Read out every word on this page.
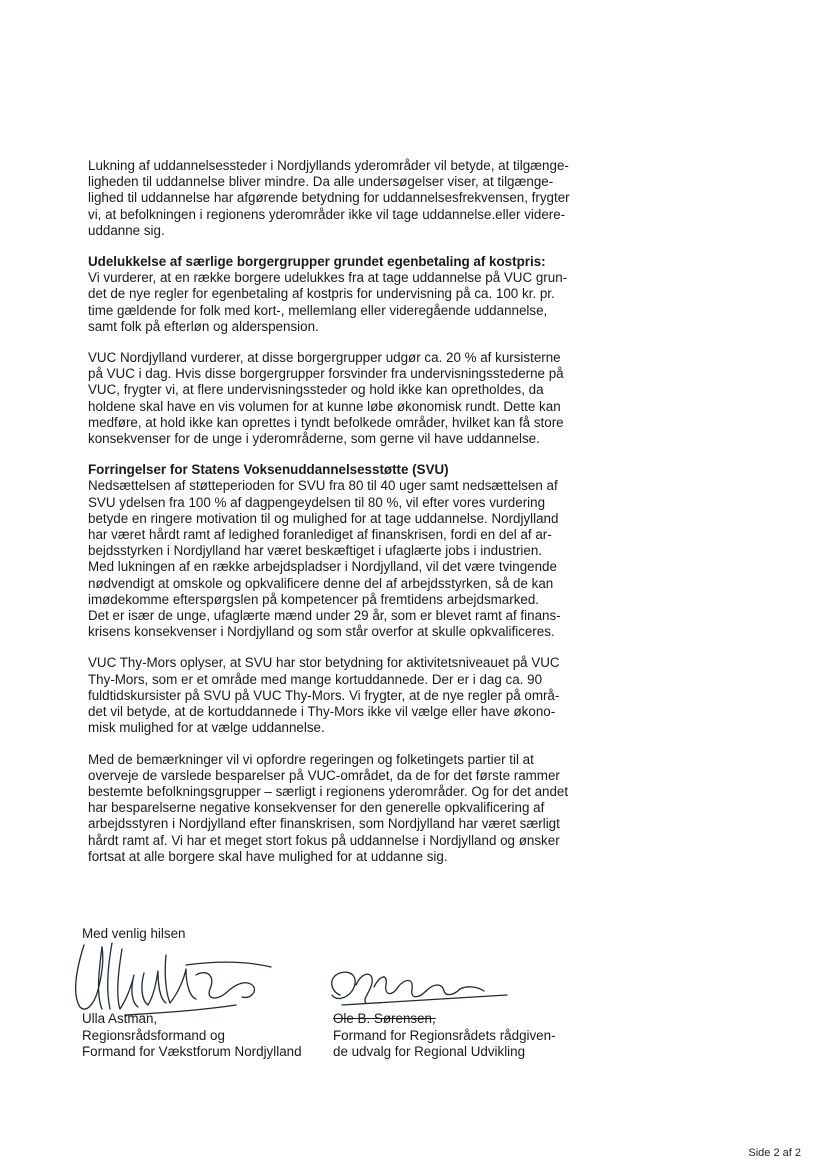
Lukning af uddannelsessteder i Nordjyllands yderområder vil betyde, at tilgænge-
ligheden til uddannelse bliver mindre. Da alle undersøgelser viser, at tilgænge-
lighed til uddannelse har afgørende betydning for uddannelsesfrekvensen, frygter
vi, at befolkningen i regionens yderområder ikke vil tage uddannelse.eller videre-
uddanne sig.

Udelukkelse af særlige borgergrupper grundet egenbetaling af kostpris:

Vi vurderer, at en række borgere udelukkes fra at tage uddannelse på VUC grun-
det de nye regler for egenbetaling af kostpris for undervisning på ca. 100 kr. pr.
time gældende for folk med kort-, mellemlang eller videregående uddannelse,
samt folk på efterløn og alderspension.

VUC Nordjylland vurderer, at disse borgergrupper udgør ca. 20 % af kursisterne
på VUC i dag. Hvis disse borgergrupper forsvinder fra undervisningsstederne på
VUC, frygter vi, at flere undervisningssteder og hold ikke kan opretholdes, da
holdene skal have en vis volumen for at kunne løbe økonomisk rundt. Dette kan
medføre, at hold ikke kan oprettes i tyndt befolkede områder, hvilket kan få store
konsekvenser for de unge i yderområderne, som gerne vil have uddannelse.

Forringelser for Statens Voksenuddannelsesstøtte (SVU)

Nedsættelsen af støtteperioden for SVU fra 80 til 40 uger samt nedsættelsen af
SVU ydelsen fra 100 % af dagpengeydelsen til 80 %, vil efter vores vurdering
betyde en ringere motivation til og mulighed for at tage uddannelse. Nordjylland
har været hårdt ramt af ledighed foranlediget af finanskrisen, fordi en del af ar-
bejdsstyrken i Nordjylland har været beskæftiget i ufaglærte jobs i industrien.
Med lukningen af en række arbejdspladser i Nordjylland, vil det være tvingende
nødvendigt at omskole og opkvalificere denne del af arbejdsstyrken, så de kan
imødekomme efterspørgslen på kompetencer på fremtidens arbejdsmarked.
Det er især de unge, ufaglærte mænd under 29 år, som er blevet ramt af finans-
krisens konsekvenser i Nordjylland og som står overfor at skulle opkvalificeres.

VUC Thy-Mors oplyser, at SVU har stor betydning for aktivitetsniveauet på VUC
Thy-Mors, som er et område med mange kortuddannede. Der er i dag ca. 90
fuldtidskursister på SVU på VUC Thy-Mors. Vi frygter, at de nye regler på områ-
det vil betyde, at de kortuddannede i Thy-Mors ikke vil vælge eller have økono-
misk mulighed for at vælge uddannelse.

Med de bemærkninger vil vi opfordre regeringen og folketingets partier til at
overveje de varslede besparelser på VUC-området, da de for det første rammer
bestemte befolkningsgrupper – særligt i regionens yderområder. Og for det andet
har besparelserne negative konsekvenser for den generelle opkvalificering af
arbejdsstyren i Nordjylland efter finanskrisen, som Nordjylland har været særligt
hårdt ramt af. Vi har et meget stort fokus på uddannelse i Nordjylland og ønsker
fortsat at alle borgere skal have mulighed for at uddanne sig.

Med venlig hilsen
Ulla Astman,
Regionsrådsformand og
Formand for Vækstforum Nordjylland
Ole B. Sørensen,
Formand for Regionsrådets rådgiven-
de udvalg for Regional Udvikling
Side 2 af 2
